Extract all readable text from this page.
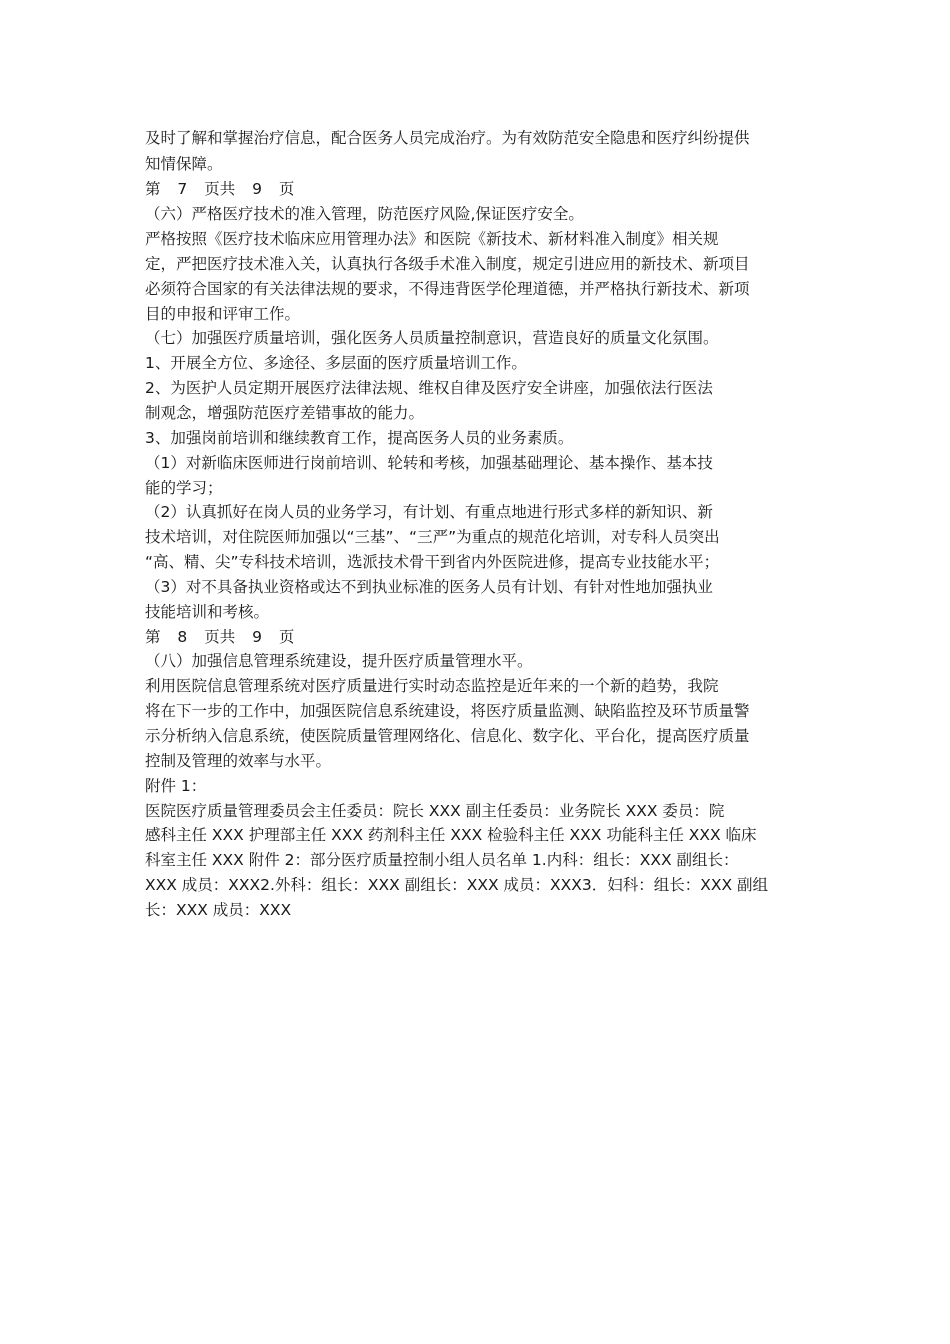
及时了解和掌握治疗信息，配合医务人员完成治疗。为有效防范安全隐患和医疗纠纷提供
知情保障。
第 7 页共 9 页
（六）严格医疗技术的准入管理，防范医疗风险,保证医疗安全。
严格按照《医疗技术临床应用管理办法》和医院《新技术、新材料准入制度》相关规
定，严把医疗技术准入关，认真执行各级手术准入制度，规定引进应用的新技术、新项目
必须符合国家的有关法律法规的要求，不得违背医学伦理道德，并严格执行新技术、新项
目的申报和评审工作。
（七）加强医疗质量培训，强化医务人员质量控制意识，营造良好的质量文化氛围。
1、开展全方位、多途径、多层面的医疗质量培训工作。
2、为医护人员定期开展医疗法律法规、维权自律及医疗安全讲座，加强依法行医法
制观念，增强防范医疗差错事故的能力。
3、加强岗前培训和继续教育工作，提高医务人员的业务素质。
（1）对新临床医师进行岗前培训、轮转和考核，加强基础理论、基本操作、基本技
能的学习；
（2）认真抓好在岗人员的业务学习，有计划、有重点地进行形式多样的新知识、新
技术培训，对住院医师加强以“三基”、“三严”为重点的规范化培训，对专科人员突出
“高、精、尖”专科技术培训，选派技术骨干到省内外医院进修，提高专业技能水平；
（3）对不具备执业资格或达不到执业标准的医务人员有计划、有针对性地加强执业
技能培训和考核。
第 8 页共 9 页
（八）加强信息管理系统建设，提升医疗质量管理水平。
利用医院信息管理系统对医疗质量进行实时动态监控是近年来的一个新的趋势，我院
将在下一步的工作中，加强医院信息系统建设，将医疗质量监测、缺陷监控及环节质量警
示分析纳入信息系统，使医院质量管理网络化、信息化、数字化、平台化，提高医疗质量
控制及管理的效率与水平。
附件 1：
医院医疗质量管理委员会主任委员：院长 XXX 副主任委员：业务院长 XXX 委员：院
感科主任 XXX 护理部主任 XXX 药剂科主任 XXX 检验科主任 XXX 功能科主任 XXX 临床
科室主任 XXX 附件 2：部分医疗质量控制小组人员名单 1.内科：组长：XXX 副组长：
XXX 成员：XXX2.外科：组长：XXX 副组长：XXX 成员：XXX3．妇科：组长：XXX 副组
长：XXX 成员：XXX
